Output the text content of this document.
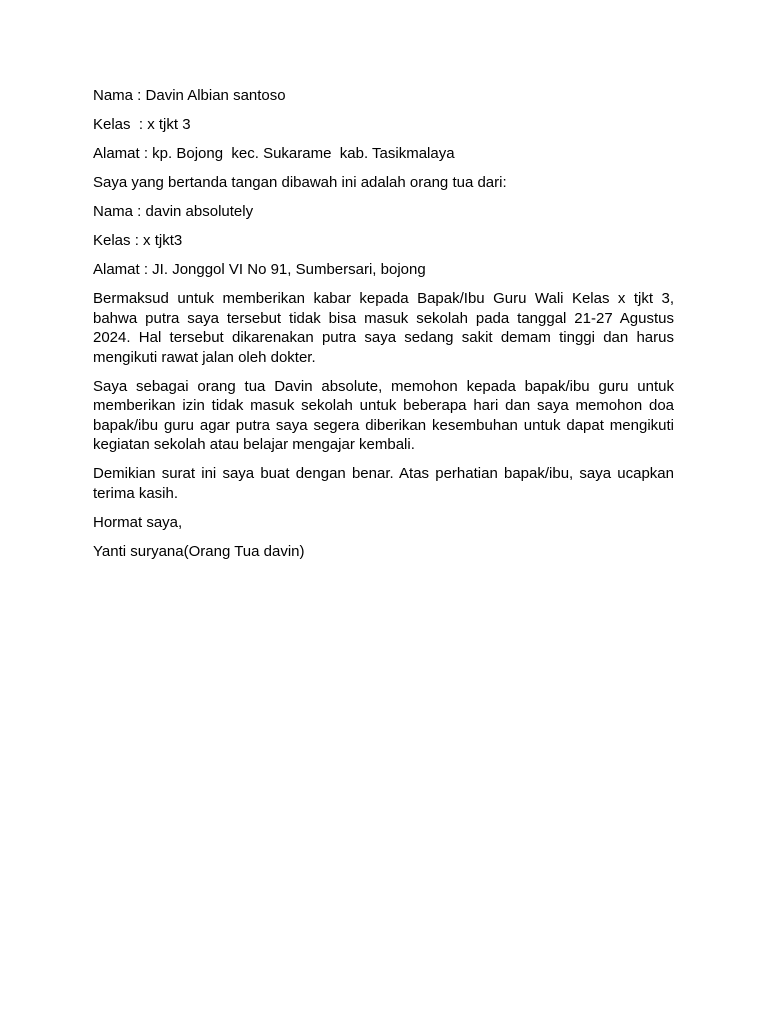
Nama : Davin Albian santoso

Kelas  : x tjkt 3

Alamat : kp. Bojong  kec. Sukarame  kab. Tasikmalaya

Saya yang bertanda tangan dibawah ini adalah orang tua dari:

Nama : davin absolutely

Kelas : x tjkt3

Alamat : JI. Jonggol VI No 91, Sumbersari, bojong

Bermaksud untuk memberikan kabar kepada Bapak/Ibu Guru Wali Kelas x tjkt 3, bahwa putra saya tersebut tidak bisa masuk sekolah pada tanggal 21-27 Agustus 2024. Hal tersebut dikarenakan putra saya sedang sakit demam tinggi dan harus mengikuti rawat jalan oleh dokter.

Saya sebagai orang tua Davin absolute, memohon kepada bapak/ibu guru untuk memberikan izin tidak masuk sekolah untuk beberapa hari dan saya memohon doa bapak/ibu guru agar putra saya segera diberikan kesembuhan untuk dapat mengikuti kegiatan sekolah atau belajar mengajar kembali.

Demikian surat ini saya buat dengan benar. Atas perhatian bapak/ibu, saya ucapkan terima kasih.

Hormat saya,

Yanti suryana(Orang Tua davin)
